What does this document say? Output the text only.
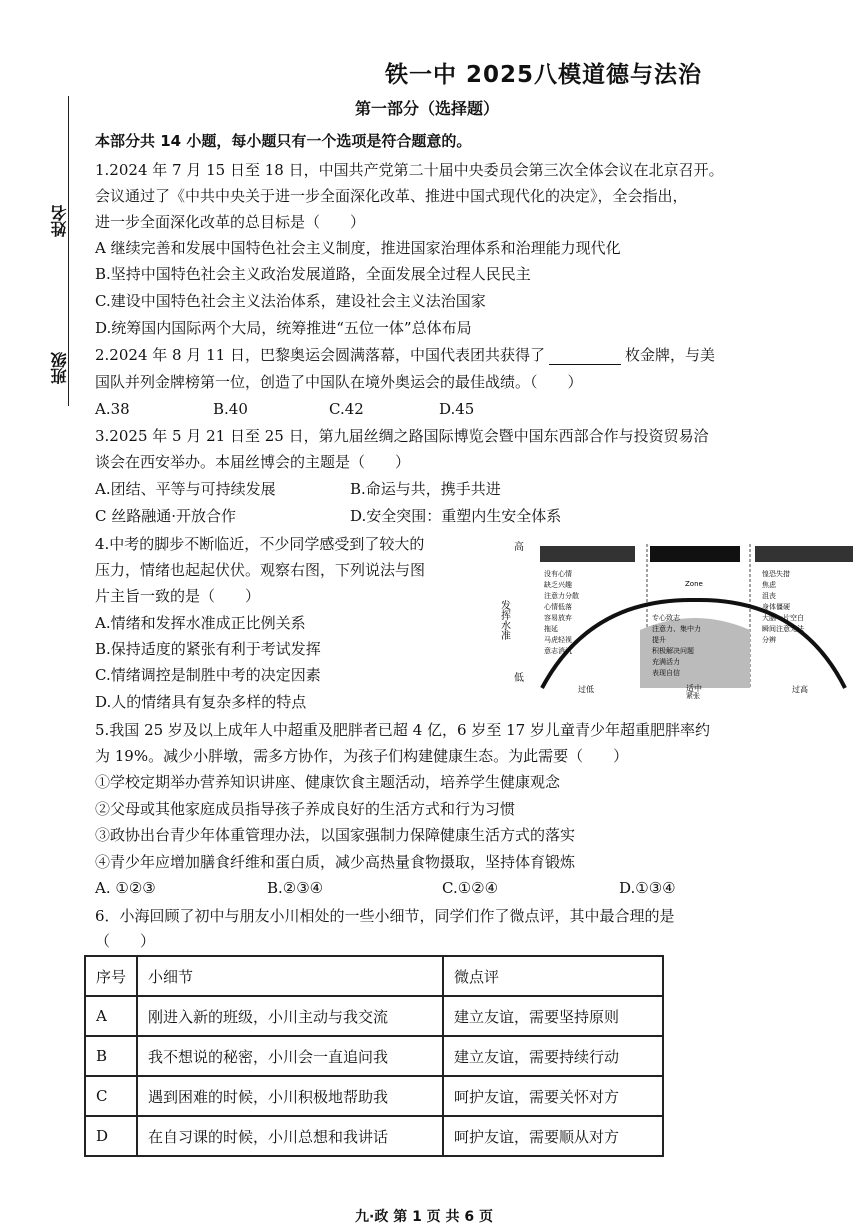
铁一中 2025八模道德与法治
第一部分（选择题）
本部分共 14 小题，每小题只有一个选项是符合题意的。
姓名
班级
1.2024 年 7 月 15 日至 18 日，中国共产党第二十届中央委员会第三次全体会议在北京召开。
会议通过了《中共中央关于进一步全面深化改革、推进中国式现代化的决定》，全会指出，
进一步全面深化改革的总目标是（　　）
A 继续完善和发展中国特色社会主义制度，推进国家治理体系和治理能力现代化
B.坚持中国特色社会主义政治发展道路，全面发展全过程人民民主
C.建设中国特色社会主义法治体系，建设社会主义法治国家
D.统筹国内国际两个大局，统筹推进“五位一体”总体布局
2.2024 年 8 月 11 日，巴黎奥运会圆满落幕，中国代表团共获得了	枚金牌，与美
国队并列金牌榜第一位，创造了中国队在境外奥运会的最佳战绩。（　　）
A.38	B.40	C.42	D.45
3.2025 年 5 月 21 日至 25 日，第九届丝绸之路国际博览会暨中国东西部合作与投资贸易洽
谈会在西安举办。本届丝博会的主题是（　　）
A.团结、平等与可持续发展	B.命运与共，携手共进
C 丝路融通·开放合作	D.安全突围：重塑内生安全体系
4.中考的脚步不断临近，不少同学感受到了较大的
压力，情绪也起起伏伏。观察右图，下列说法与图
片主旨一致的是（　　）
A.情绪和发挥水准成正比例关系
B.保持适度的紧张有利于考试发挥
C.情绪调控是制胜中考的决定因素
D.人的情绪具有复杂多样的特点
高
低
发挥水准
Zone
没有心情
缺乏兴趣
注意力分散
心情低落
容易放弃
拖延
马虎轻视
意志消沉
专心致志
注意力、集中力
提升
积极解决问题
充满活力
表现自信
惶恐失措
焦虑
沮丧
身体僵硬
大脑一片空白
瞬间注意无法
分辨
过低	适中
紧张
过高
5.我国 25 岁及以上成年人中超重及肥胖者已超 4 亿，6 岁至 17 岁儿童青少年超重肥胖率约
为 19%。减少小胖墩，需多方协作，为孩子们构建健康生态。为此需要（　　）
①学校定期举办营养知识讲座、健康饮食主题活动，培养学生健康观念
②父母或其他家庭成员指导孩子养成良好的生活方式和行为习惯
③政协出台青少年体重管理办法，以国家强制力保障健康生活方式的落实
④青少年应增加膳食纤维和蛋白质，减少高热量食物摄取，坚持体育锻炼
A. ①②③	B.②③④	C.①②④	D.①③④
6．小海回顾了初中与朋友小川相处的一些小细节，同学们作了微点评，其中最合理的是
（　　）
序号	小细节	微点评
A	刚进入新的班级，小川主动与我交流	建立友谊，需要坚持原则
B	我不想说的秘密，小川会一直追问我	建立友谊，需要持续行动
C	遇到困难的时候，小川积极地帮助我	呵护友谊，需要关怀对方
D	在自习课的时候，小川总想和我讲话	呵护友谊，需要顺从对方
九·政 第 1 页 共 6 页
